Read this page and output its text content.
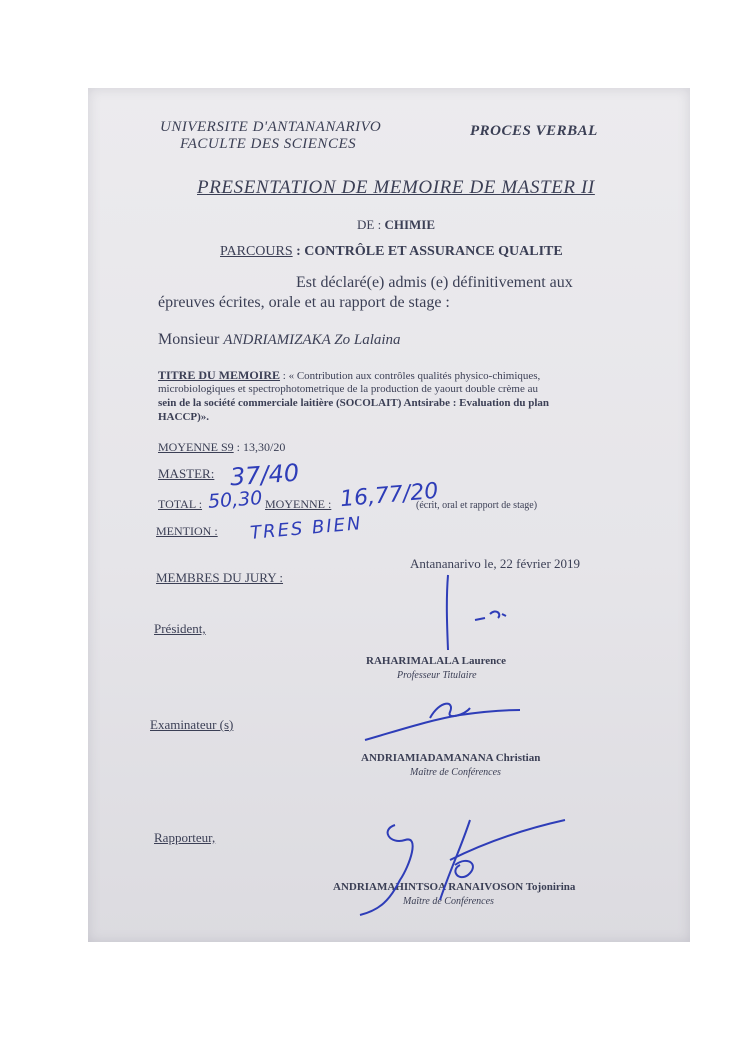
UNIVERSITE D'ANTANANARIVO
FACULTE DES SCIENCES
PROCES VERBAL
PRESENTATION DE MEMOIRE DE MASTER II
DE : CHIMIE
PARCOURS : CONTRÔLE ET ASSURANCE QUALITE
Est déclaré(e) admis (e) définitivement aux
épreuves écrites, orale et au rapport de stage :
Monsieur ANDRIAMIZAKA Zo Lalaina
TITRE DU MEMOIRE : « Contribution aux contrôles qualités physico-chimiques,
microbiologiques et spectrophotometrique de la production de yaourt double crème au
sein de la société commerciale laitière (SOCOLAIT) Antsirabe : Evaluation du plan
HACCP)».
MOYENNE S9 : 13,30/20
MASTER: 37/40
TOTAL : 50,30 MOYENNE : 16,77/20
(écrit, oral et rapport de stage)
MENTION : TRES BIEN
Antananarivo le, 22 février 2019
MEMBRES DU JURY :
Président,
RAHARIMALALA Laurence
Professeur Titulaire
Examinateur (s)
ANDRIAMIADAMANANA Christian
Maître de Conférences
Rapporteur,
ANDRIAMAHINTSOA RANAIVOSON Tojonirina
Maître de Conférences
